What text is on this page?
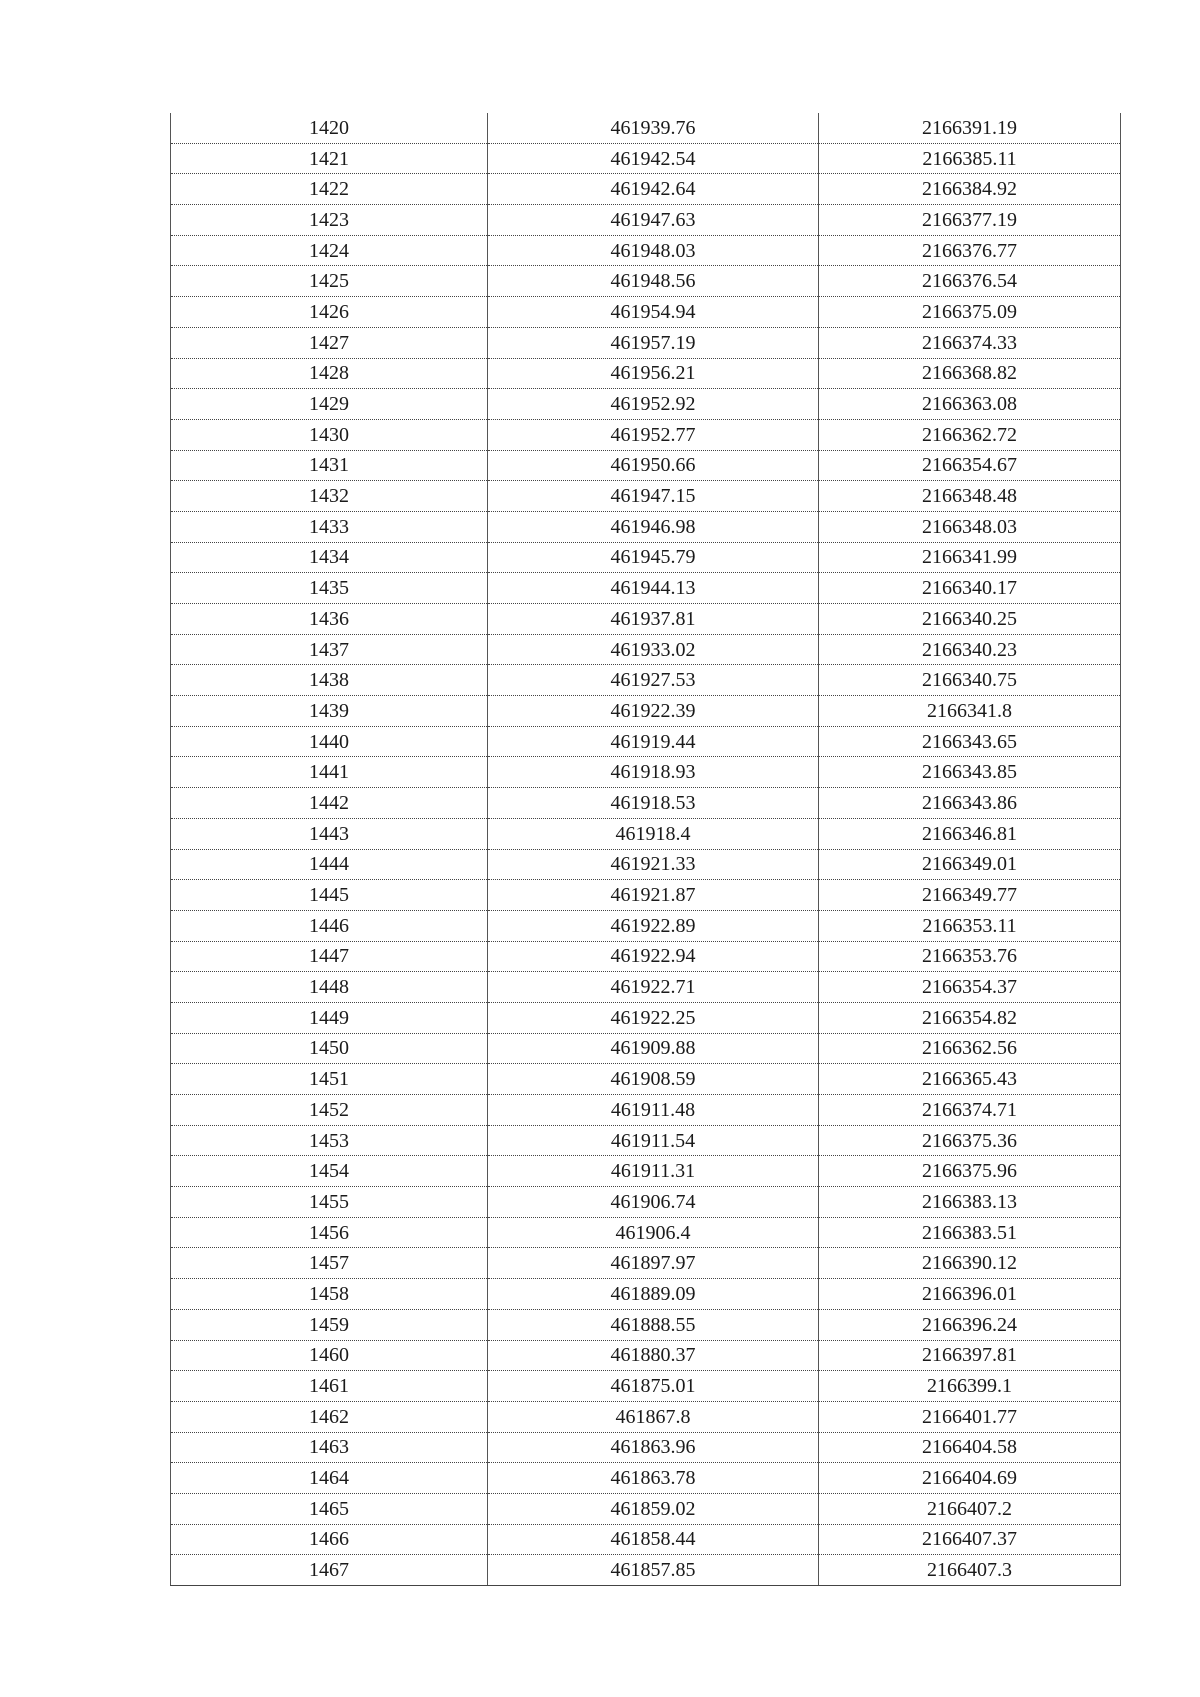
1420	461939.76	2166391.19
1421	461942.54	2166385.11
1422	461942.64	2166384.92
1423	461947.63	2166377.19
1424	461948.03	2166376.77
1425	461948.56	2166376.54
1426	461954.94	2166375.09
1427	461957.19	2166374.33
1428	461956.21	2166368.82
1429	461952.92	2166363.08
1430	461952.77	2166362.72
1431	461950.66	2166354.67
1432	461947.15	2166348.48
1433	461946.98	2166348.03
1434	461945.79	2166341.99
1435	461944.13	2166340.17
1436	461937.81	2166340.25
1437	461933.02	2166340.23
1438	461927.53	2166340.75
1439	461922.39	2166341.8
1440	461919.44	2166343.65
1441	461918.93	2166343.85
1442	461918.53	2166343.86
1443	461918.4	2166346.81
1444	461921.33	2166349.01
1445	461921.87	2166349.77
1446	461922.89	2166353.11
1447	461922.94	2166353.76
1448	461922.71	2166354.37
1449	461922.25	2166354.82
1450	461909.88	2166362.56
1451	461908.59	2166365.43
1452	461911.48	2166374.71
1453	461911.54	2166375.36
1454	461911.31	2166375.96
1455	461906.74	2166383.13
1456	461906.4	2166383.51
1457	461897.97	2166390.12
1458	461889.09	2166396.01
1459	461888.55	2166396.24
1460	461880.37	2166397.81
1461	461875.01	2166399.1
1462	461867.8	2166401.77
1463	461863.96	2166404.58
1464	461863.78	2166404.69
1465	461859.02	2166407.2
1466	461858.44	2166407.37
1467	461857.85	2166407.3
